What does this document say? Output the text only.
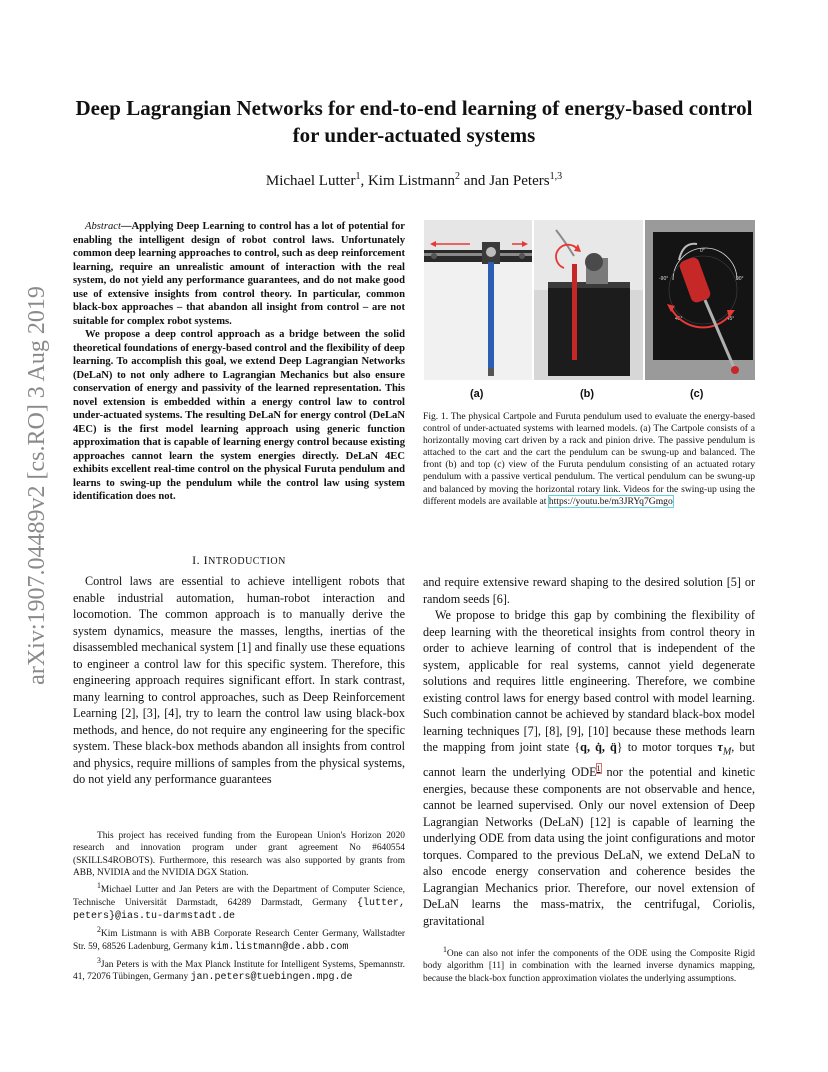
Deep Lagrangian Networks for end-to-end learning of energy-based control for under-actuated systems
Michael Lutter$^1$, Kim Listmann$^2$ and Jan Peters$^{1,3}$
arXiv:1907.04489v2 [cs.RO] 3 Aug 2019

Abstract—Applying Deep Learning to control has a lot of potential for enabling the intelligent design of robot control laws. Unfortunately common deep learning approaches to control, such as deep reinforcement learning, require an unrealistic amount of interaction with the real system, do not yield any performance guarantees, and do not make good use of extensive insights from control theory. In particular, common black-box approaches – that abandon all insight from control – are not suitable for complex robot systems.

We propose a deep control approach as a bridge between the solid theoretical foundations of energy-based control and the flexibility of deep learning. To accomplish this goal, we extend Deep Lagrangian Networks (DeLaN) to not only adhere to Lagrangian Mechanics but also ensure conservation of energy and passivity of the learned representation. This novel extension is embedded within a energy control law to control under-actuated systems. The resulting DeLaN for energy control (DeLaN 4EC) is the first model learning approach using generic function approximation that is capable of learning energy control because existing approaches cannot learn the system energies directly. DeLaN 4EC exhibits excellent real-time control on the physical Furuta pendulum and learns to swing-up the pendulum while the control law using system identification does not.

I. INTRODUCTION

Control laws are essential to achieve intelligent robots that enable industrial automation, human-robot interaction and locomotion. The common approach is to manually derive the system dynamics, measure the masses, lengths, inertias of the disassembled mechanical system [1] and finally use these equations to engineer a control law for this specific system. Therefore, this engineering approach requires significant effort. In stark contrast, many learning to control approaches, such as Deep Reinforcement Learning [2], [3], [4], try to learn the control law using black-box methods, and hence, do not require any engineering for the specific system. These black-box methods abandon all insights from control and physics, require millions of samples from the physical systems, do not yield any performance guarantees

This project has received funding from the European Union's Horizon 2020 research and innovation program under grant agreement No #640554 (SKILLS4ROBOTS). Furthermore, this research was also supported by grants from ABB, NVIDIA and the NVIDIA DGX Station.

$^1$Michael Lutter and Jan Peters are with the Department of Computer Science, Technische Universität Darmstadt, 64289 Darmstadt, Germany {lutter, peters}@ias.tu-darmstadt.de

$^2$Kim Listmann is with ABB Corporate Research Center Germany, Wallstadter Str. 59, 68526 Ladenburg, Germany kim.listmann@de.abb.com

$^3$Jan Peters is with the Max Planck Institute for Intelligent Systems, Spemannstr. 41, 72076 Tübingen, Germany jan.peters@tuebingen.mpg.de

0°
90°
-90°
45°	-45°
(a)	(b)	(c)
Fig. 1. The physical Cartpole and Furuta pendulum used to evaluate the energy-based control of under-actuated systems with learned models. (a) The Cartpole consists of a horizontally moving cart driven by a rack and pinion drive. The passive pendulum is attached to the cart and the cart the pendulum can be swung-up and balanced. The front (b) and top (c) view of the Furuta pendulum consisting of an actuated rotary pendulum with a passive vertical pendulum. The vertical pendulum can be swung-up and balanced by moving the horizontal rotary link. Videos for the swing-up using the different models are available at https://youtu.be/m3JRYq7Gmgo

and require extensive reward shaping to the desired solution [5] or random seeds [6].

We propose to bridge this gap by combining the flexibility of deep learning with the theoretical insights from control theory in order to achieve learning of control that is independent of the system, applicable for real systems, cannot yield degenerate solutions and requires little engineering. Therefore, we combine existing control laws for energy based control with model learning. Such combination cannot be achieved by standard black-box model learning techniques [7], [8], [9], [10] because these methods learn the mapping from joint state {q, q̇, q̈} to motor torques $\tau_M$, but cannot learn the underlying ODE$^1$ nor the potential and kinetic energies, because these components are not observable and hence, cannot be learned supervised. Only our novel extension of Deep Lagrangian Networks (DeLaN) [12] is capable of learning the underlying ODE from data using the joint configurations and motor torques. Compared to the previous DeLaN, we extend DeLaN to also encode energy conservation and coherence besides the Lagrangian Mechanics prior. Therefore, our novel extension of DeLaN learns the mass-matrix, the centrifugal, Coriolis, gravitational

$^1$One can also not infer the components of the ODE using the Composite Rigid body algorithm [11] in combination with the learned inverse dynamics mapping, because the black-box function approximation violates the underlying assumptions.
